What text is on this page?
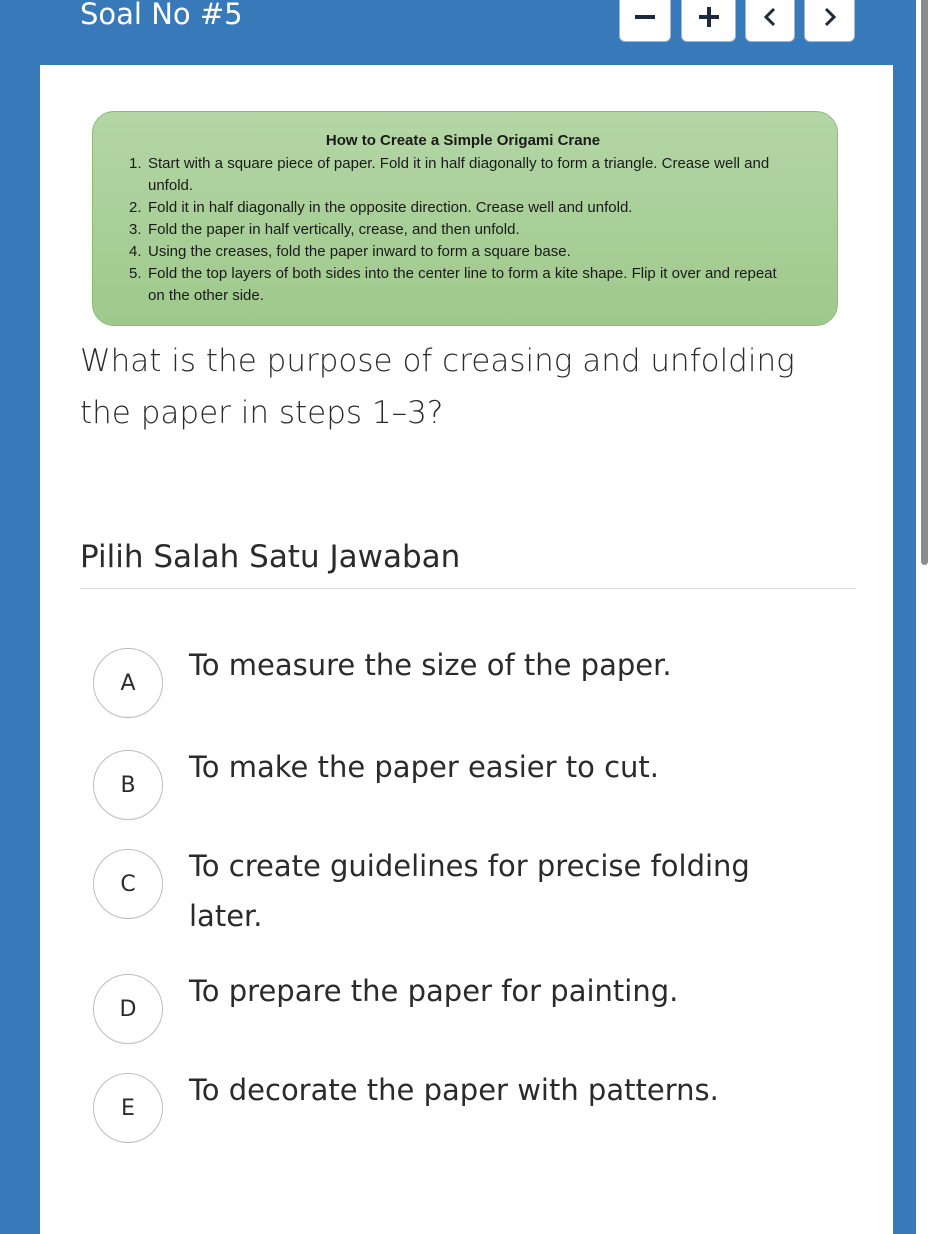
Soal No #5
How to Create a Simple Origami Crane
1. Start with a square piece of paper. Fold it in half diagonally to form a triangle. Crease well and unfold.
2. Fold it in half diagonally in the opposite direction. Crease well and unfold.
3. Fold the paper in half vertically, crease, and then unfold.
4. Using the creases, fold the paper inward to form a square base.
5. Fold the top layers of both sides into the center line to form a kite shape. Flip it over and repeat on the other side.
What is the purpose of creasing and unfolding the paper in steps 1–3?
Pilih Salah Satu Jawaban
A
To measure the size of the paper.
B
To make the paper easier to cut.
C
To create guidelines for precise folding later.
D
To prepare the paper for painting.
E
To decorate the paper with patterns.
